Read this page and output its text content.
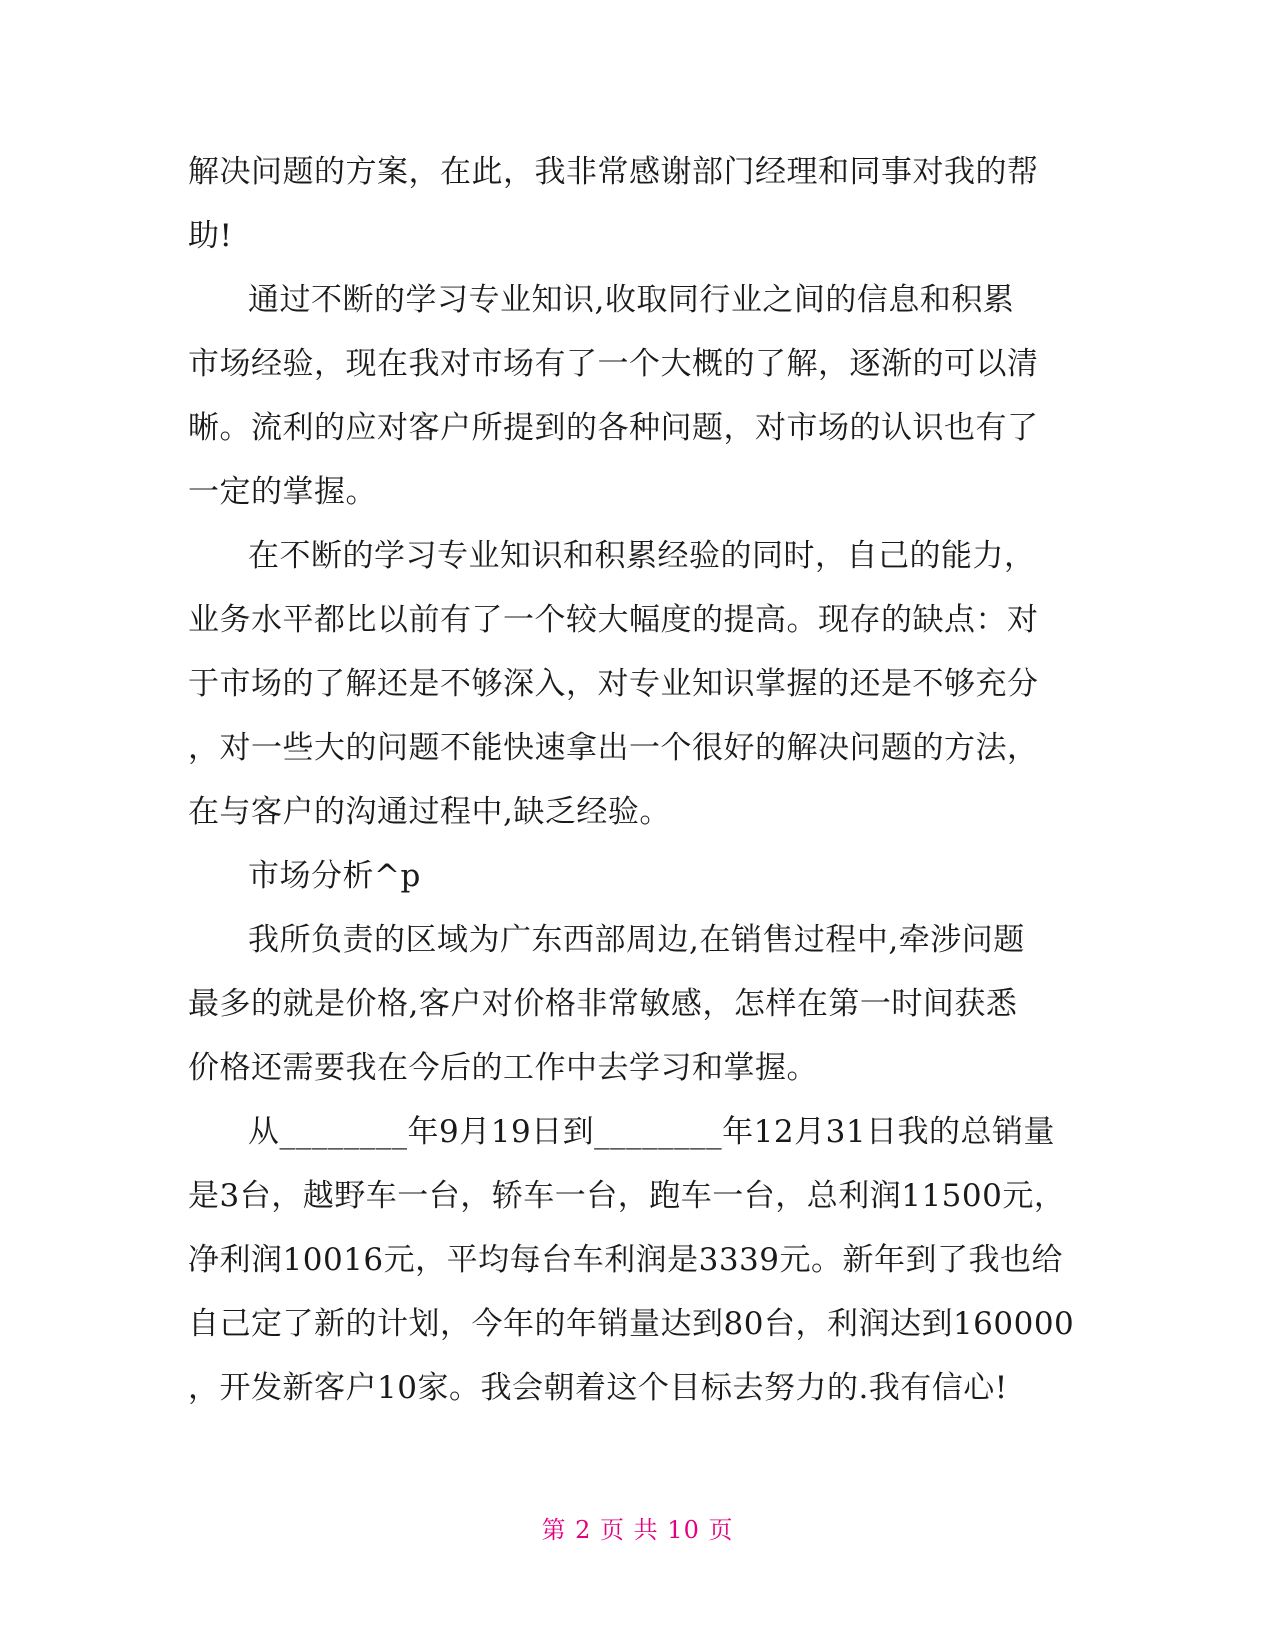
解决问题的方案，在此，我非常感谢部门经理和同事对我的帮
助!
通过不断的学习专业知识,收取同行业之间的信息和积累
市场经验，现在我对市场有了一个大概的了解，逐渐的可以清
晰。流利的应对客户所提到的各种问题，对市场的认识也有了
一定的掌握。
在不断的学习专业知识和积累经验的同时，自己的能力，
业务水平都比以前有了一个较大幅度的提高。现存的缺点：对
于市场的了解还是不够深入，对专业知识掌握的还是不够充分
，对一些大的问题不能快速拿出一个很好的解决问题的方法，
在与客户的沟通过程中,缺乏经验。
市场分析^p
我所负责的区域为广东西部周边,在销售过程中,牵涉问题
最多的就是价格,客户对价格非常敏感，怎样在第一时间获悉
价格还需要我在今后的工作中去学习和掌握。
从________年9月19日到________年12月31日我的总销量
是3台，越野车一台，轿车一台，跑车一台，总利润11500元，
净利润10016元，平均每台车利润是3339元。新年到了我也给
自己定了新的计划，今年的年销量达到80台，利润达到160000
，开发新客户10家。我会朝着这个目标去努力的.我有信心!
第 2 页 共 10 页
